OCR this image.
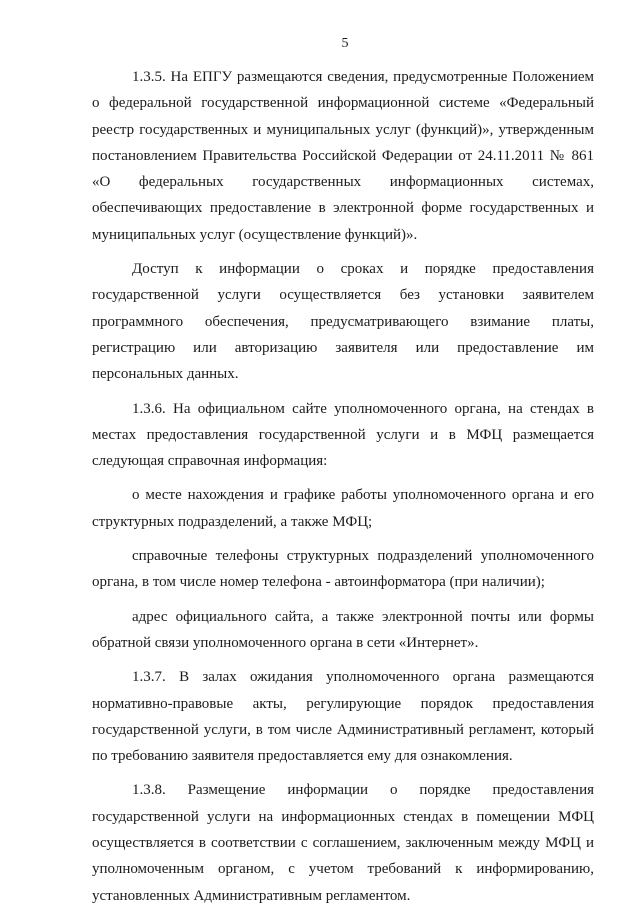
5

1.3.5. На ЕПГУ размещаются сведения, предусмотренные Положением о федеральной государственной информационной системе «Федеральный реестр государственных и муниципальных услуг (функций)», утвержденным постановлением Правительства Российской Федерации от 24.11.2011 № 861 «О федеральных государственных информационных системах, обеспечивающих предоставление в электронной форме государственных и муниципальных услуг (осуществление функций)».

Доступ к информации о сроках и порядке предоставления государственной услуги осуществляется без установки заявителем программного обеспечения, предусматривающего взимание платы, регистрацию или авторизацию заявителя или предоставление им персональных данных.

1.3.6. На официальном сайте уполномоченного органа, на стендах в местах предоставления государственной услуги и в МФЦ размещается следующая справочная информация:

о месте нахождения и графике работы уполномоченного органа и его структурных подразделений, а также МФЦ;

справочные телефоны структурных подразделений уполномоченного органа, в том числе номер телефона - автоинформатора (при наличии);

адрес официального сайта, а также электронной почты или формы обратной связи уполномоченного органа в сети «Интернет».

1.3.7. В залах ожидания уполномоченного органа размещаются нормативно-правовые акты, регулирующие порядок предоставления государственной услуги, в том числе Административный регламент, который по требованию заявителя предоставляется ему для ознакомления.

1.3.8. Размещение информации о порядке предоставления государственной услуги на информационных стендах в помещении МФЦ осуществляется в соответствии с соглашением, заключенным между МФЦ и уполномоченным органом, с учетом требований к информированию, установленных Административным регламентом.
